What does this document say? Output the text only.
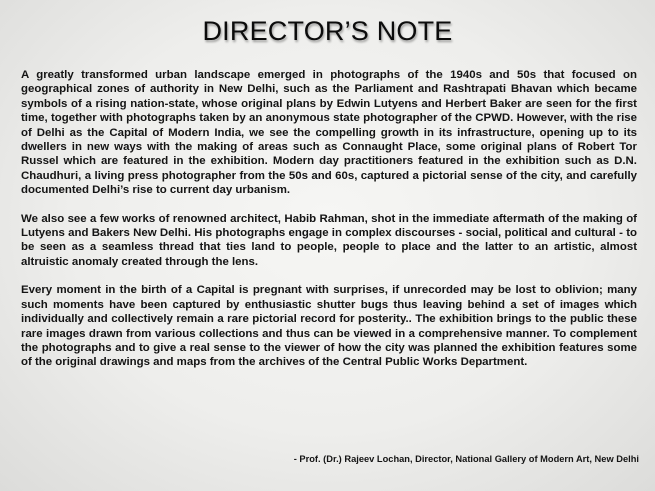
DIRECTOR’S NOTE

A greatly transformed urban landscape emerged in photographs of the 1940s and 50s that focused on geographical zones of authority in New Delhi, such as the Parliament and Rashtrapati Bhavan which became symbols of a rising nation-state, whose original plans by Edwin Lutyens and Herbert Baker are seen for the first time, together with photographs taken by an anonymous state photographer of the CPWD. However, with the rise of Delhi as the Capital of Modern India, we see the compelling growth in its infrastructure, opening up to its dwellers in new ways with the making of areas such as Connaught Place, some original plans of Robert Tor Russel which are featured in the exhibition. Modern day practitioners featured in the exhibition such as D.N. Chaudhuri, a living press photographer from the 50s and 60s, captured a pictorial sense of the city, and carefully documented Delhi’s rise to current day urbanism.

We also see a few works of renowned architect, Habib Rahman, shot in the immediate aftermath of the making of Lutyens and Bakers New Delhi. His photographs engage in complex discourses - social, political and cultural - to be seen as a seamless thread that ties land to people, people to place and the latter to an artistic, almost altruistic anomaly created through the lens.

Every moment in the birth of a Capital is pregnant with surprises, if unrecorded may be lost to oblivion; many such moments have been captured by enthusiastic shutter bugs thus leaving behind a set of images which individually and collectively remain a rare pictorial record for posterity.. The exhibition brings to the public these rare images drawn from various collections and thus can be viewed in a comprehensive manner. To complement the photographs and to give a real sense to the viewer of how the city was planned the exhibition features some of the original drawings and maps from the archives of the Central Public Works Department.

- Prof. (Dr.) Rajeev Lochan, Director, National Gallery of Modern Art, New Delhi
